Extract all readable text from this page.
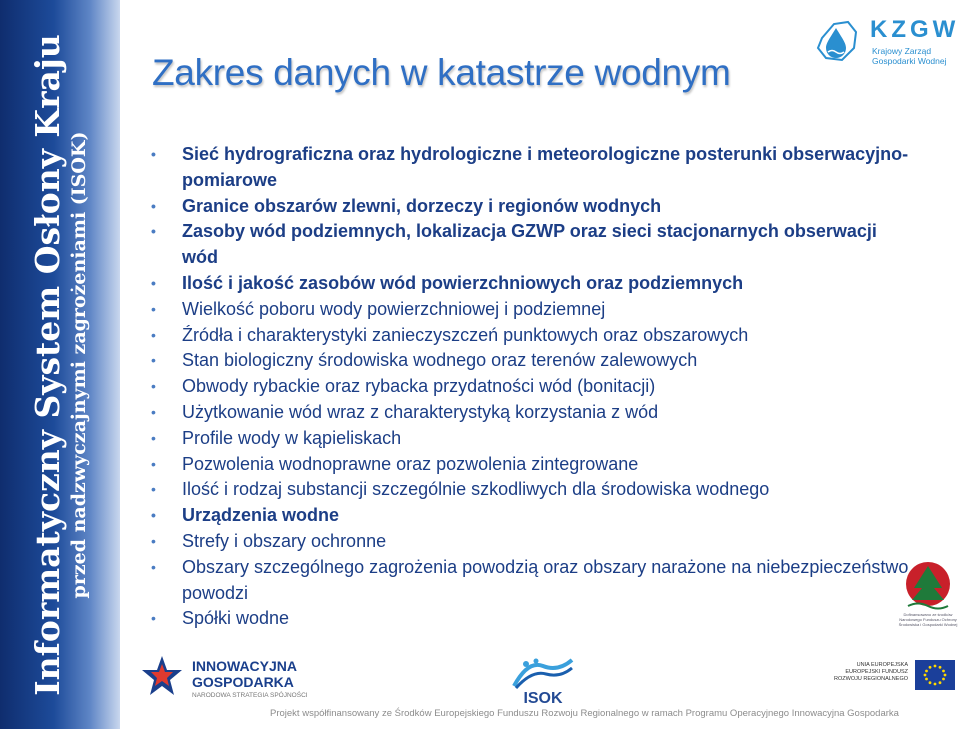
Informatyczny System Osłony Kraju przed nadzwyczajnymi zagrożeniami (ISOK)
KZGW
Krajowy Zarząd Gospodarki Wodnej
Zakres danych w katastrze wodnym
• Sieć hydrograficzna oraz hydrologiczne i meteorologiczne posterunki obserwacyjno-pomiarowe
• Granice obszarów zlewni, dorzeczy i regionów wodnych
• Zasoby wód podziemnych, lokalizacja GZWP oraz sieci stacjonarnych obserwacji wód
• Ilość i jakość zasobów wód powierzchniowych oraz podziemnych
• Wielkość poboru wody powierzchniowej i podziemnej
• Źródła i charakterystyki zanieczyszczeń punktowych oraz obszarowych
• Stan biologiczny środowiska wodnego oraz terenów zalewowych
• Obwody rybackie oraz rybacka przydatności wód (bonitacji)
• Użytkowanie wód wraz z charakterystyką korzystania z wód
• Profile wody w kąpieliskach
• Pozwolenia wodnoprawne oraz pozwolenia zintegrowane
• Ilość i rodzaj substancji szczególnie szkodliwych dla środowiska wodnego
• Urządzenia wodne
• Strefy i obszary ochronne
• Obszary szczególnego zagrożenia powodzią oraz obszary narażone na niebezpieczeństwo powodzi
• Spółki wodne	Dofinansowano ze środków Narodowego Funduszu Ochrony Środowiska i Gospodarki Wodnej
INNOWACYJNA
GOSPODARKA
NARODOWA STRATEGIA SPÓJNOŚCI	ISOK
UNIA EUROPEJSKA EUROPEJSKI FUNDUSZ ROZWOJU REGIONALNEGO
Projekt współfinansowany ze Środków Europejskiego Funduszu Rozwoju Regionalnego w ramach Programu Operacyjnego Innowacyjna Gospodarka
